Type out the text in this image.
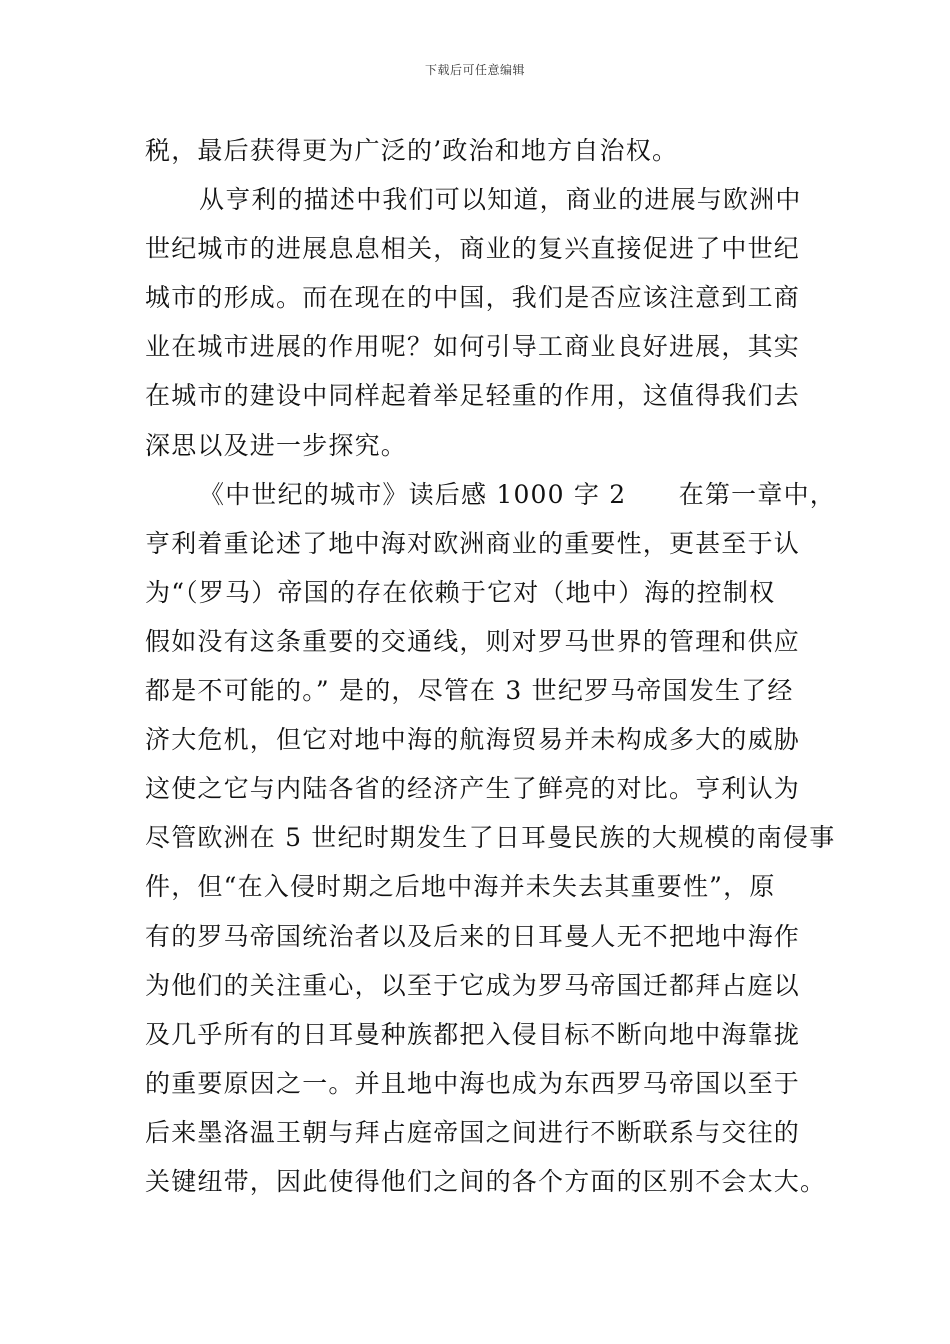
下载后可任意编辑
税，最后获得更为广泛的’政治和地方自治权。
从亨利的描述中我们可以知道，商业的进展与欧洲中
世纪城市的进展息息相关，商业的复兴直接促进了中世纪
城市的形成。而在现在的中国，我们是否应该注意到工商
业在城市进展的作用呢？如何引导工商业良好进展，其实
在城市的建设中同样起着举足轻重的作用，这值得我们去
深思以及进一步探究。
《中世纪的城市》读后感 1000 字 2　　在第一章中，
亨利着重论述了地中海对欧洲商业的重要性，更甚至于认
为“（罗马）帝国的存在依赖于它对（地中）海的控制权
假如没有这条重要的交通线，则对罗马世界的管理和供应
都是不可能的。” 是的，尽管在 3 世纪罗马帝国发生了经
济大危机，但它对地中海的航海贸易并未构成多大的威胁
这使之它与内陆各省的经济产生了鲜亮的对比。亨利认为
尽管欧洲在 5 世纪时期发生了日耳曼民族的大规模的南侵事
件，但“在入侵时期之后地中海并未失去其重要性”，原
有的罗马帝国统治者以及后来的日耳曼人无不把地中海作
为他们的关注重心，以至于它成为罗马帝国迁都拜占庭以
及几乎所有的日耳曼种族都把入侵目标不断向地中海靠拢
的重要原因之一。并且地中海也成为东西罗马帝国以至于
后来墨洛温王朝与拜占庭帝国之间进行不断联系与交往的
关键纽带，因此使得他们之间的各个方面的区别不会太大。
